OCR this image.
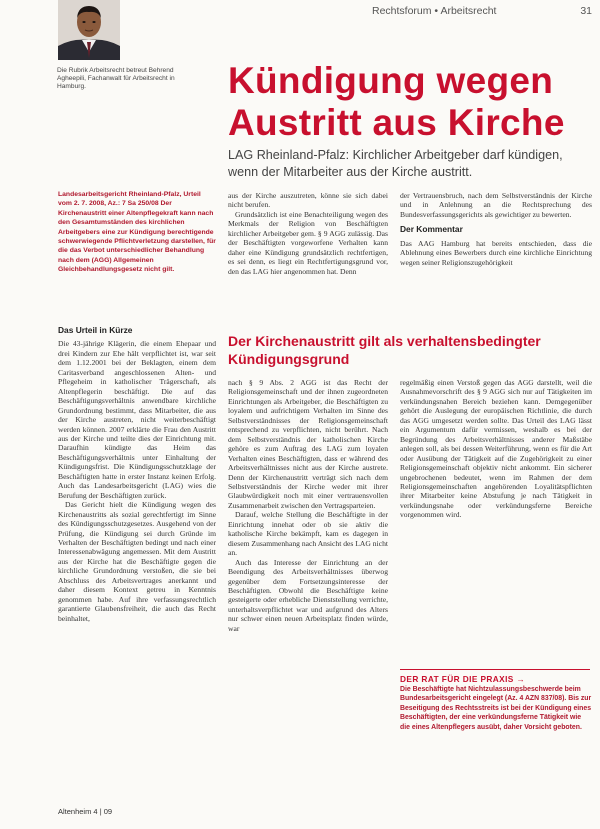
Rechtsforum • Arbeitsrecht	31
Die Rubrik Arbeitsrecht betreut Behrend Agheepili, Fachanwalt für Arbeitsrecht in Hamburg.	Kündigung wegen Austritt aus Kirche
LAG Rheinland-Pfalz: Kirchlicher Arbeitgeber darf kündigen, wenn der Mitarbeiter aus der Kirche austritt.
Landesarbeitsgericht Rheinland-Pfalz, Urteil vom 2. 7. 2008, Az.: 7 Sa 250/08 Der Kirchenaustritt einer Altenpflegekraft kann nach den Gesamtumständen des kirchlichen Arbeitgebers eine zur Kündigung berechtigende schwerwiegende Pflichtverletzung darstellen, für die das Verbot unterschiedlicher Behandlung nach dem (AGG) Allgemeinen Gleichbehandlungsgesetz nicht gilt.
Das Urteil in Kürze

Die 43-jährige Klägerin, die einem Ehepaar und drei Kindern zur Ehe hält verpflichtet ist, war seit dem 1.12.2001 bei der Beklagten, einem dem Caritasverband angeschlossenen Alten- und Pflegeheim in katholischer Trägerschaft, als Altenpflegerin beschäftigt. Die auf das Beschäftigungsverhältnis anwendbare kirchliche Grundordnung bestimmt, dass Mitarbeiter, die aus der Kirche austreten, nicht weiterbeschäftigt werden können. 2007 erklärte die Frau den Austritt aus der Kirche und teilte dies der Einrichtung mit. Daraufhin kündigte das Heim das Beschäftigungsverhältnis unter Einhaltung der Kündigungsfrist. Die Kündigungsschutzklage der Beschäftigten hatte in erster Instanz keinen Erfolg. Auch das Landesarbeitsgericht (LAG) wies die Berufung der Beschäftigten zurück.

Das Gericht hielt die Kündigung wegen des Kirchenaustritts als sozial gerechtfertigt im Sinne des Kündigungsschutzgesetzes. Ausgehend von der Prüfung, die Kündigung sei durch Gründe im Verhalten der Beschäftigten bedingt und nach einer Interessenabwägung angemessen. Mit dem Austritt aus der Kirche hat die Beschäftigte gegen die kirchliche Grundordnung verstoßen, die sie bei Abschluss des Arbeitsvertrages anerkannt und daher diesem Kontext getreu in Kenntnis genommen habe. Auf ihre verfassungsrechtlich garantierte Glaubensfreiheit, die auch das Recht beinhaltet,

aus der Kirche auszutreten, könne sie sich dabei nicht berufen.

Grundsätzlich ist eine Benachteiligung wegen des Merkmals der Religion von Beschäftigten kirchlicher Arbeitgeber gem. § 9 AGG zulässig. Das der Beschäftigten vorgeworfene Verhalten kann daher eine Kündigung grundsätzlich rechtfertigen, es sei denn, es liegt ein Rechtfertigungsgrund vor, den das LAG hier angenommen hat. Denn

der Vertrauensbruch, nach dem Selbstverständnis der Kirche und in Anlehnung an die Rechtsprechung des Bundesverfassungsgerichts als gewichtiger zu bewerten.

Der Kommentar

Das AAG Hamburg hat bereits entschieden, dass die Ablehnung eines Bewerbers durch eine kirchliche Einrichtung wegen seiner Religionszugehörigkeit

Der Kirchenaustritt gilt als verhaltensbedingter Kündigungsgrund

nach § 9 Abs. 2 AGG ist das Recht der Religionsgemeinschaft und der ihnen zugeordneten Einrichtungen als Arbeitgeber, die Beschäftigten zu loyalem und aufrichtigem Verhalten im Sinne des Selbstverständnisses der Religionsgemeinschaft entsprechend zu verpflichten, nicht berührt. Nach dem Selbstverständnis der katholischen Kirche gehöre es zum Auftrag des LAG zum loyalen Verhalten eines Beschäftigten, dass er während des Arbeitsverhältnisses nicht aus der Kirche austrete. Denn der Kirchenaustritt verträgt sich nach dem Selbstverständnis der Kirche weder mit ihrer Glaubwürdigkeit noch mit einer vertrauensvollen Zusammenarbeit zwischen den Vertragsparteien.

Darauf, welche Stellung die Beschäftigte in der Einrichtung innehat oder ob sie aktiv die katholische Kirche bekämpft, kam es dagegen in diesem Zusammenhang nach Ansicht des LAG nicht an.

Auch das Interesse der Einrichtung an der Beendigung des Arbeitsverhältnisses überwog gegenüber dem Fortsetzungsinteresse der Beschäftigten. Obwohl die Beschäftigte keine gesteigerte oder erhebliche Dienststellung verrichte, unterhaltsverpflichtet war und aufgrund des Alters nur schwer einen neuen Arbeitsplatz finden würde, war

regelmäßig einen Verstoß gegen das AGG darstellt, weil die Ausnahmevorschrift des § 9 AGG sich nur auf Tätigkeiten im verkündungsnahen Bereich beziehen kann. Demgegenüber gehört die Auslegung der europäischen Richtlinie, die durch das AGG umgesetzt werden sollte. Das Urteil des LAG lässt ein Argumentum dafür vermissen, weshalb es bei der Begründung des Arbeitsverhältnisses anderer Maßstäbe anlegen soll, als bei dessen Weiterführung, wenn es für die Art oder Ausübung der Tätigkeit auf die Zugehörigkeit zu einer Religionsgemeinschaft objektiv nicht ankommt. Ein sicherer ungebrochenen bedeutet, wenn im Rahmen der dem Religionsgemeinschaften angehörenden Loyalitätspflichten ihrer Mitarbeiter keine Abstufung je nach Tätigkeit in verkündungsnahe oder verkündungsferne Bereiche vorgenommen wird.

DER RAT FÜR DIE PRAXIS →
Die Beschäftigte hat Nichtzulassungsbeschwerde beim Bundesarbeitsgericht eingelegt (Az. 4 AZN 837/08). Bis zur Beseitigung des Rechtsstreits ist bei der Kündigung eines Beschäftigten, der eine verkündungsferne Tätigkeit wie die eines Altenpflegers ausübt, daher Vorsicht geboten.
Altenheim 4 | 09
